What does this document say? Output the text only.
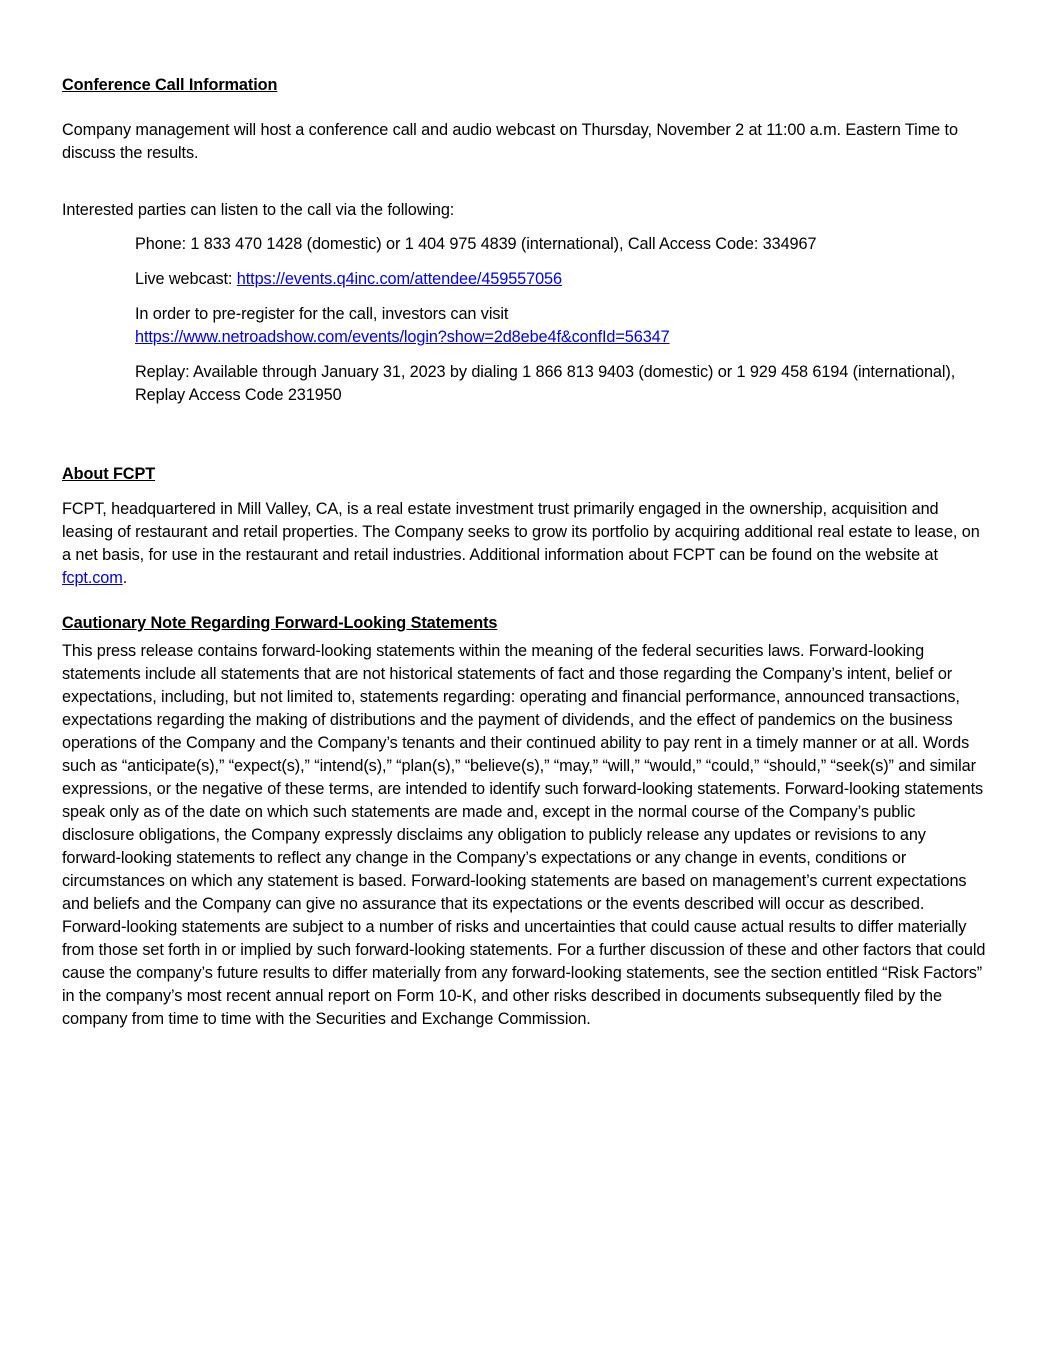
Conference Call Information

Company management will host a conference call and audio webcast on Thursday, November 2 at 11:00 a.m. Eastern Time to discuss the results.

Interested parties can listen to the call via the following:

Phone: 1 833 470 1428 (domestic) or 1 404 975 4839 (international), Call Access Code: 334967

Live webcast: https://events.q4inc.com/attendee/459557056

In order to pre-register for the call, investors can visit

https://www.netroadshow.com/events/login?show=2d8ebe4f&confId=56347

Replay: Available through January 31, 2023 by dialing 1 866 813 9403 (domestic) or 1 929 458 6194 (international), Replay Access Code 231950

About FCPT

FCPT, headquartered in Mill Valley, CA, is a real estate investment trust primarily engaged in the ownership, acquisition and leasing of restaurant and retail properties. The Company seeks to grow its portfolio by acquiring additional real estate to lease, on a net basis, for use in the restaurant and retail industries. Additional information about FCPT can be found on the website at fcpt.com.

Cautionary Note Regarding Forward-Looking Statements

This press release contains forward-looking statements within the meaning of the federal securities laws. Forward-looking statements include all statements that are not historical statements of fact and those regarding the Company’s intent, belief or expectations, including, but not limited to, statements regarding: operating and financial performance, announced transactions, expectations regarding the making of distributions and the payment of dividends, and the effect of pandemics on the business operations of the Company and the Company’s tenants and their continued ability to pay rent in a timely manner or at all. Words such as “anticipate(s),” “expect(s),” “intend(s),” “plan(s),” “believe(s),” “may,” “will,” “would,” “could,” “should,” “seek(s)” and similar expressions, or the negative of these terms, are intended to identify such forward-looking statements. Forward-looking statements speak only as of the date on which such statements are made and, except in the normal course of the Company’s public disclosure obligations, the Company expressly disclaims any obligation to publicly release any updates or revisions to any forward-looking statements to reflect any change in the Company’s expectations or any change in events, conditions or circumstances on which any statement is based. Forward-looking statements are based on management’s current expectations and beliefs and the Company can give no assurance that its expectations or the events described will occur as described. Forward-looking statements are subject to a number of risks and uncertainties that could cause actual results to differ materially from those set forth in or implied by such forward-looking statements. For a further discussion of these and other factors that could cause the company’s future results to differ materially from any forward-looking statements, see the section entitled “Risk Factors” in the company’s most recent annual report on Form 10-K, and other risks described in documents subsequently filed by the company from time to time with the Securities and Exchange Commission.
